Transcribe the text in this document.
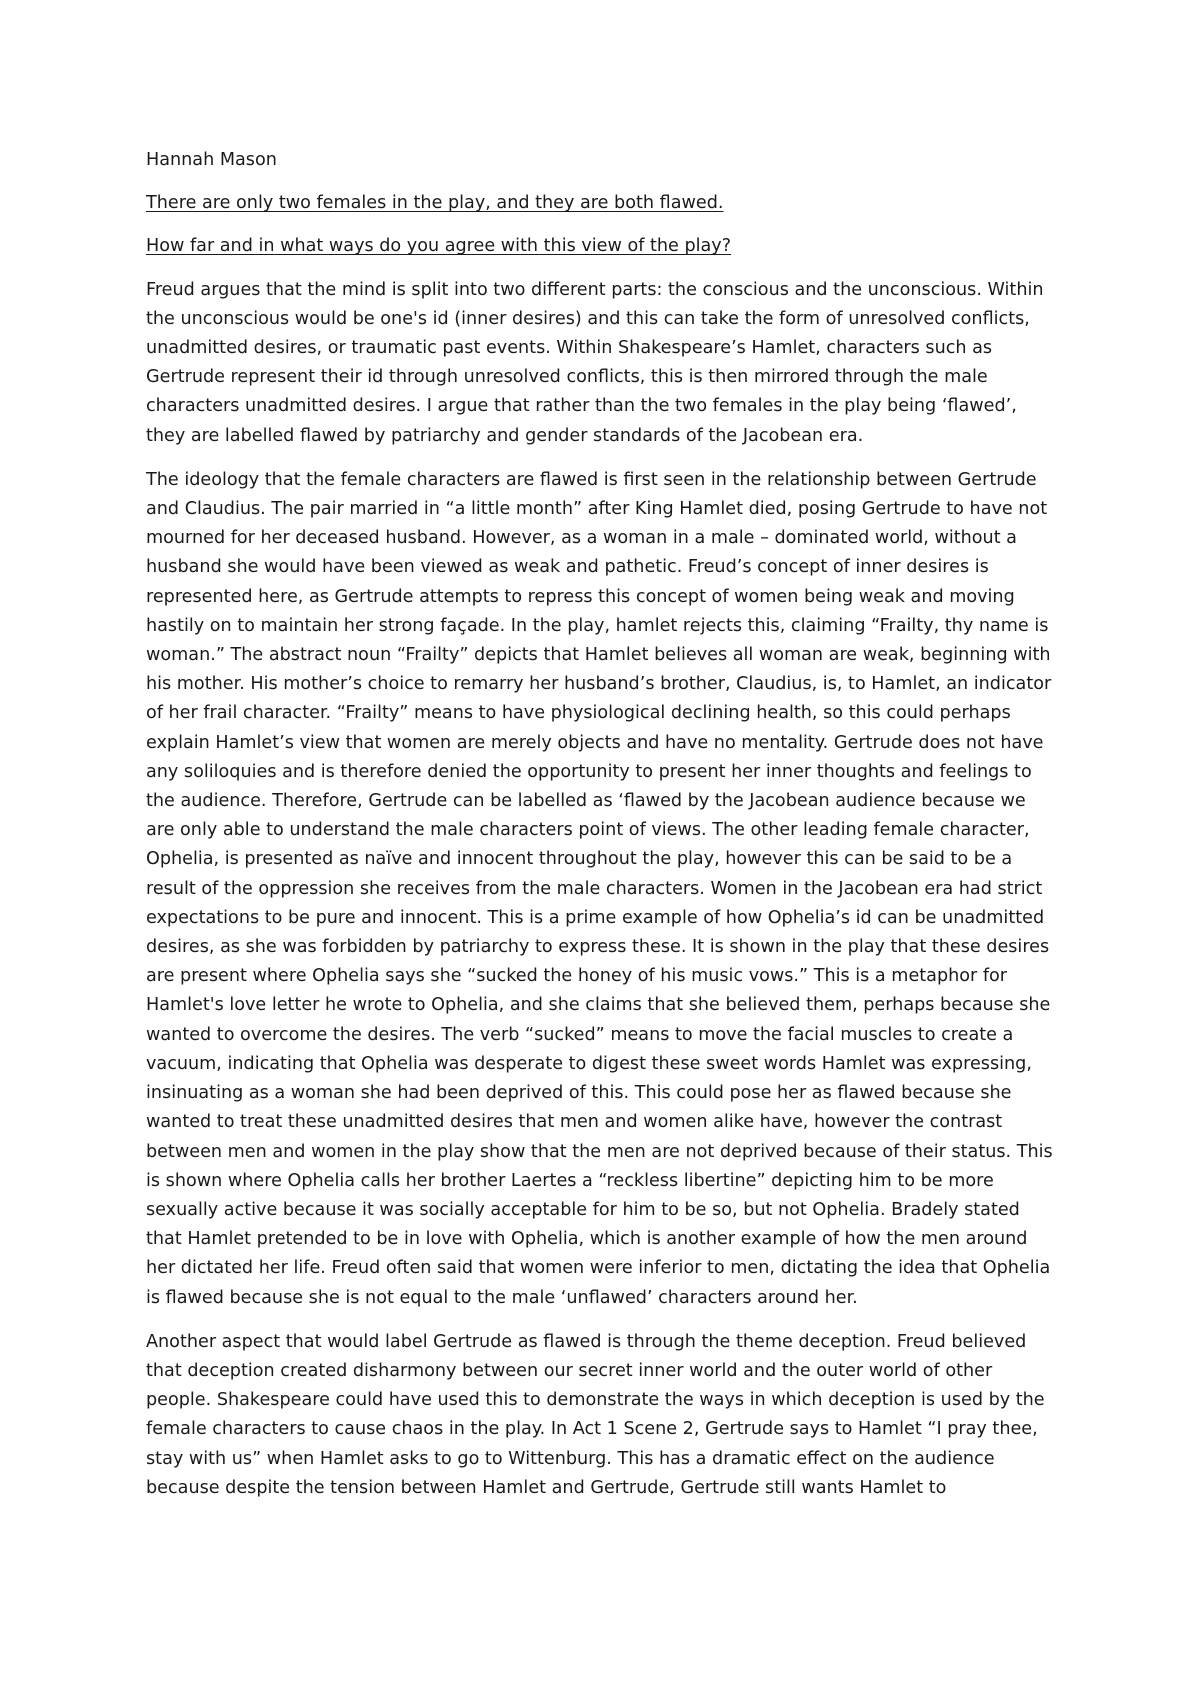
Hannah Mason

There are only two females in the play, and they are both flawed.

How far and in what ways do you agree with this view of the play?

Freud argues that the mind is split into two different parts: the conscious and the unconscious. Within the unconscious would be one's id (inner desires) and this can take the form of unresolved conflicts, unadmitted desires, or traumatic past events. Within Shakespeare’s Hamlet, characters such as Gertrude represent their id through unresolved conflicts, this is then mirrored through the male characters unadmitted desires. I argue that rather than the two females in the play being ‘flawed’, they are labelled flawed by patriarchy and gender standards of the Jacobean era.

The ideology that the female characters are flawed is first seen in the relationship between Gertrude and Claudius. The pair married in “a little month” after King Hamlet died, posing Gertrude to have not mourned for her deceased husband. However, as a woman in a male – dominated world, without a husband she would have been viewed as weak and pathetic. Freud’s concept of inner desires is represented here, as Gertrude attempts to repress this concept of women being weak and moving hastily on to maintain her strong façade. In the play, hamlet rejects this, claiming “Frailty, thy name is woman.” The abstract noun “Frailty” depicts that Hamlet believes all woman are weak, beginning with his mother. His mother’s choice to remarry her husband’s brother, Claudius, is, to Hamlet, an indicator of her frail character. “Frailty” means to have physiological declining health, so this could perhaps explain Hamlet’s view that women are merely objects and have no mentality. Gertrude does not have any soliloquies and is therefore denied the opportunity to present her inner thoughts and feelings to the audience. Therefore, Gertrude can be labelled as ‘flawed by the Jacobean audience because we are only able to understand the male characters point of views. The other leading female character, Ophelia, is presented as naïve and innocent throughout the play, however this can be said to be a result of the oppression she receives from the male characters. Women in the Jacobean era had strict expectations to be pure and innocent. This is a prime example of how Ophelia’s id can be unadmitted desires, as she was forbidden by patriarchy to express these. It is shown in the play that these desires are present where Ophelia says she “sucked the honey of his music vows.” This is a metaphor for Hamlet's love letter he wrote to Ophelia, and she claims that she believed them, perhaps because she wanted to overcome the desires. The verb “sucked” means to move the facial muscles to create a vacuum, indicating that Ophelia was desperate to digest these sweet words Hamlet was expressing, insinuating as a woman she had been deprived of this. This could pose her as flawed because she wanted to treat these unadmitted desires that men and women alike have, however the contrast between men and women in the play show that the men are not deprived because of their status. This is shown where Ophelia calls her brother Laertes a “reckless libertine” depicting him to be more sexually active because it was socially acceptable for him to be so, but not Ophelia. Bradely stated that Hamlet pretended to be in love with Ophelia, which is another example of how the men around her dictated her life. Freud often said that women were inferior to men, dictating the idea that Ophelia is flawed because she is not equal to the male ‘unflawed’ characters around her.

Another aspect that would label Gertrude as flawed is through the theme deception. Freud believed that deception created disharmony between our secret inner world and the outer world of other people. Shakespeare could have used this to demonstrate the ways in which deception is used by the female characters to cause chaos in the play. In Act 1 Scene 2, Gertrude says to Hamlet “I pray thee, stay with us” when Hamlet asks to go to Wittenburg. This has a dramatic effect on the audience because despite the tension between Hamlet and Gertrude, Gertrude still wants Hamlet to
